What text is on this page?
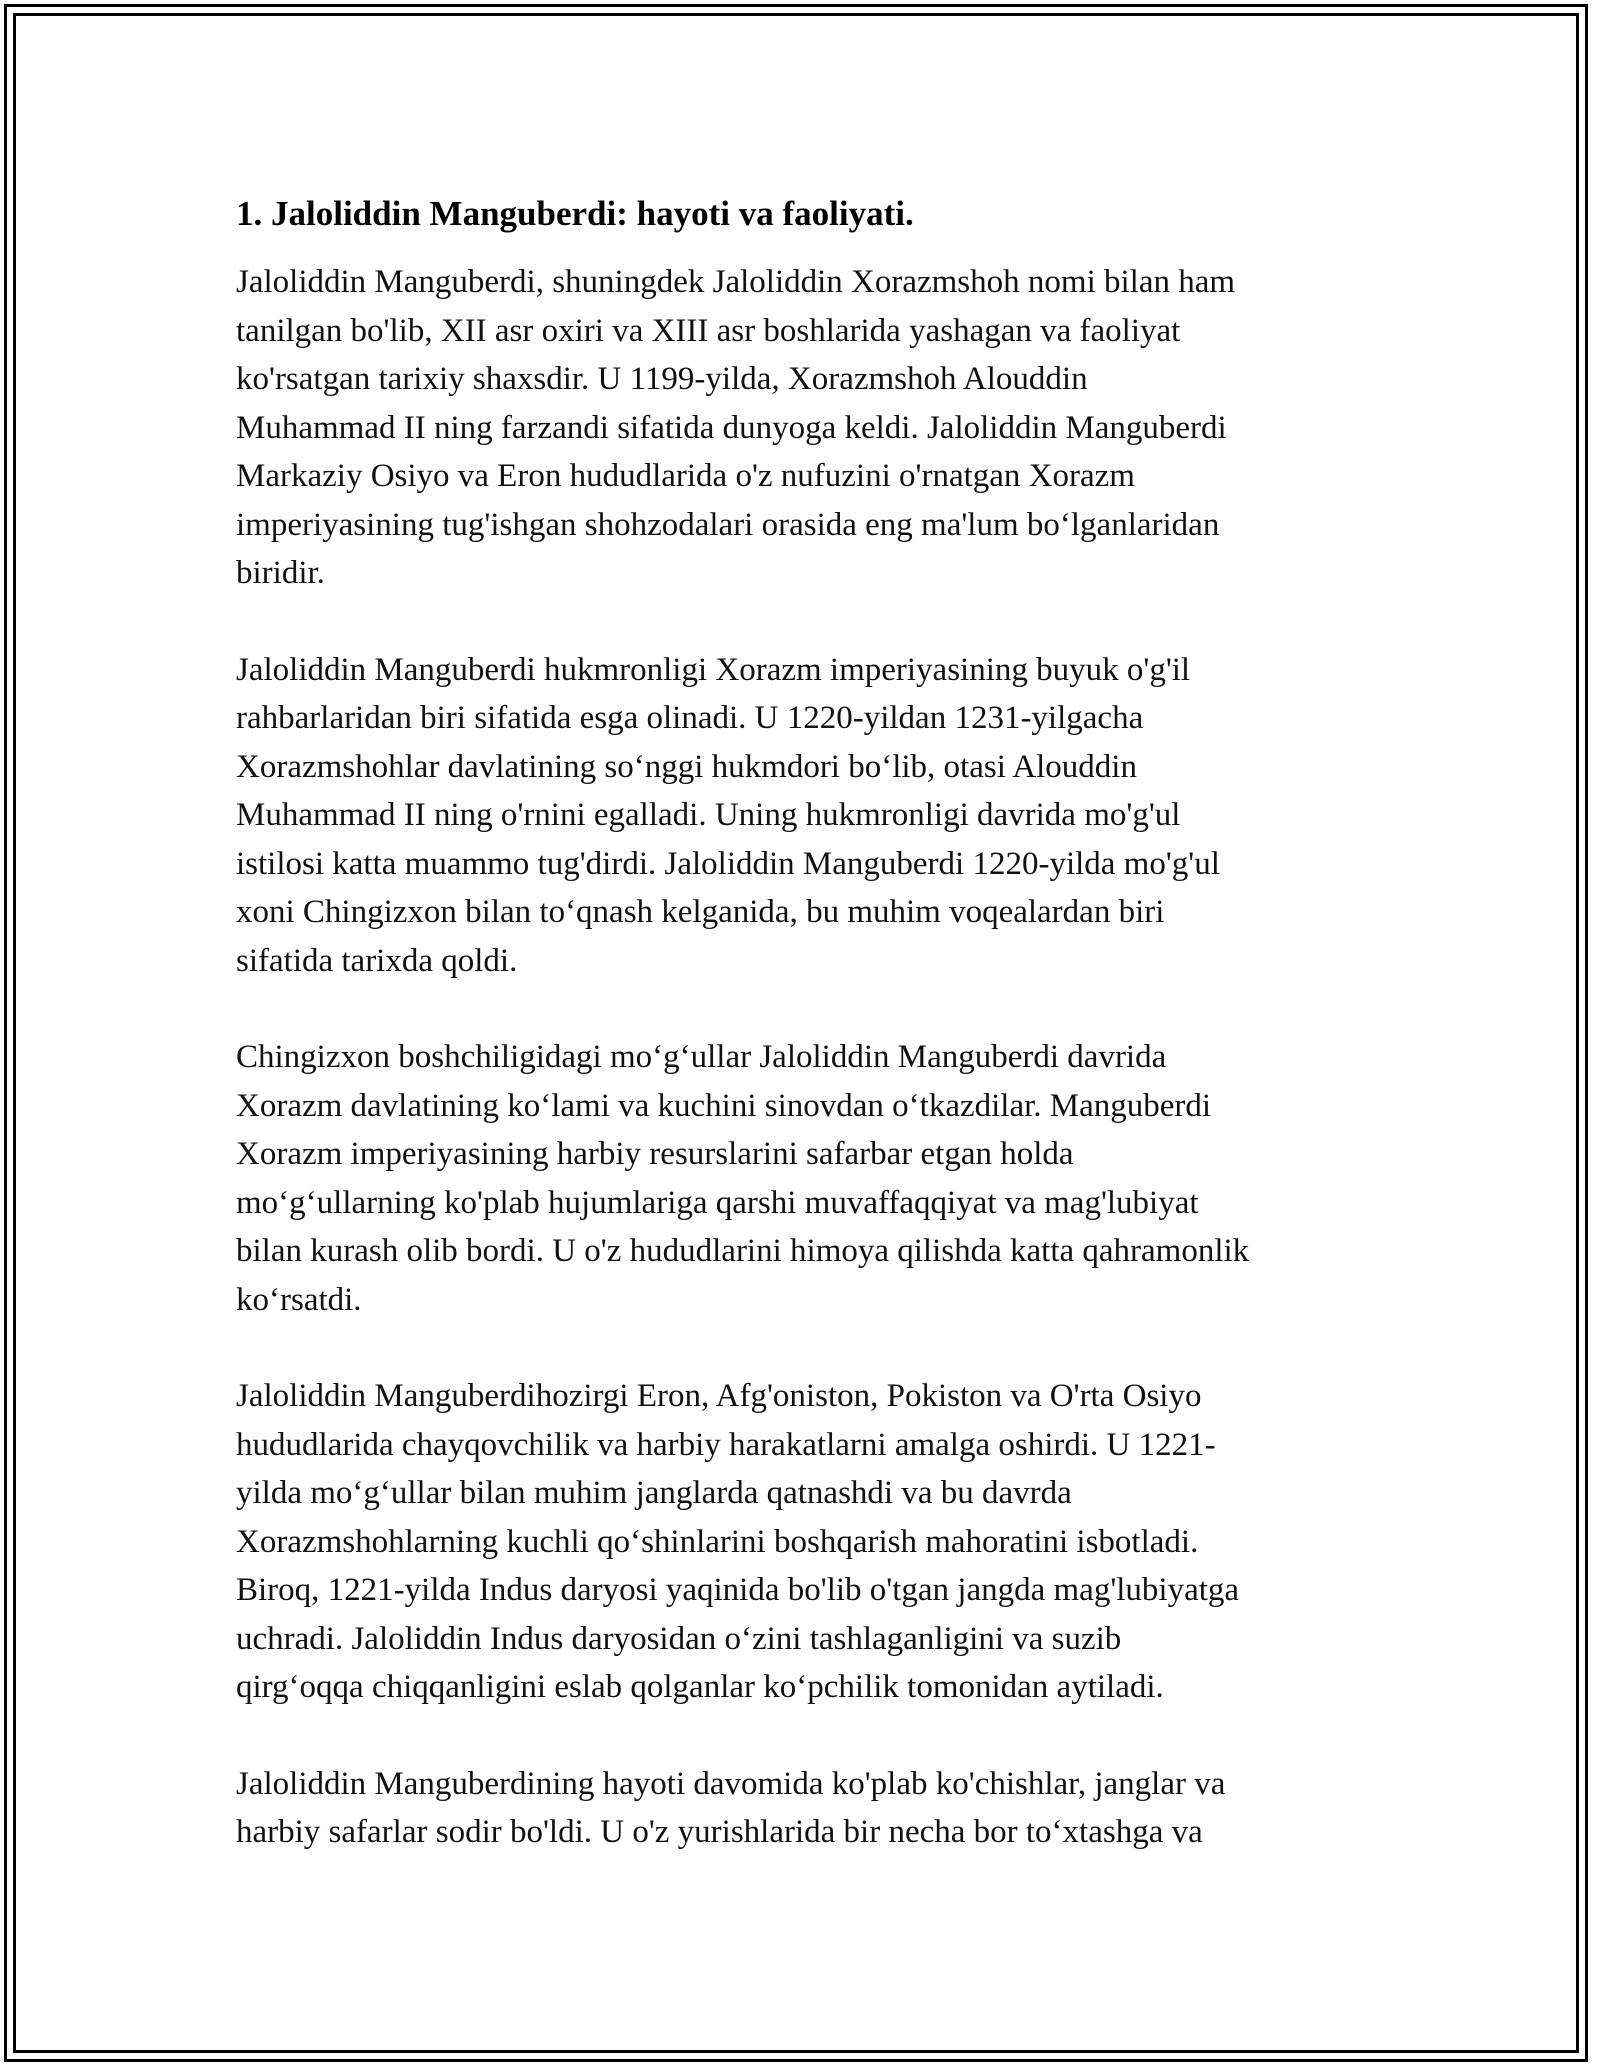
1. Jaloliddin Manguberdi: hayoti va faoliyati.

Jaloliddin Manguberdi, shuningdek Jaloliddin Xorazmshoh nomi bilan ham
tanilgan bo'lib, XII asr oxiri va XIII asr boshlarida yashagan va faoliyat
ko'rsatgan tarixiy shaxsdir. U 1199-yilda, Xorazmshoh Alouddin
Muhammad II ning farzandi sifatida dunyoga keldi. Jaloliddin Manguberdi
Markaziy Osiyo va Eron hududlarida o'z nufuzini o'rnatgan Xorazm
imperiyasining tug'ishgan shohzodalari orasida eng ma'lum boʻlganlaridan
biridir.

Jaloliddin Manguberdi hukmronligi Xorazm imperiyasining buyuk o'g'il
rahbarlaridan biri sifatida esga olinadi. U 1220-yildan 1231-yilgacha
Xorazmshohlar davlatining soʻnggi hukmdori boʻlib, otasi Alouddin
Muhammad II ning o'rnini egalladi. Uning hukmronligi davrida mo'g'ul
istilosi katta muammo tug'dirdi. Jaloliddin Manguberdi 1220-yilda mo'g'ul
xoni Chingizxon bilan toʻqnash kelganida, bu muhim voqealardan biri
sifatida tarixda qoldi.

Chingizxon boshchiligidagi moʻgʻullar Jaloliddin Manguberdi davrida
Xorazm davlatining koʻlami va kuchini sinovdan oʻtkazdilar. Manguberdi
Xorazm imperiyasining harbiy resurslarini safarbar etgan holda
moʻgʻullarning ko'plab hujumlariga qarshi muvaffaqqiyat va mag'lubiyat
bilan kurash olib bordi. U o'z hududlarini himoya qilishda katta qahramonlik
koʻrsatdi.

Jaloliddin Manguberdihozirgi Eron, Afg'oniston, Pokiston va O'rta Osiyo
hududlarida chayqovchilik va harbiy harakatlarni amalga oshirdi. U 1221-
yilda moʻgʻullar bilan muhim janglarda qatnashdi va bu davrda
Xorazmshohlarning kuchli qoʻshinlarini boshqarish mahoratini isbotladi.
Biroq, 1221-yilda Indus daryosi yaqinida bo'lib o'tgan jangda mag'lubiyatga
uchradi. Jaloliddin Indus daryosidan oʻzini tashlaganligini va suzib
qirgʻoqqa chiqqanligini eslab qolganlar koʻpchilik tomonidan aytiladi.

Jaloliddin Manguberdining hayoti davomida ko'plab ko'chishlar, janglar va
harbiy safarlar sodir bo'ldi. U o'z yurishlarida bir necha bor toʻxtashga va
